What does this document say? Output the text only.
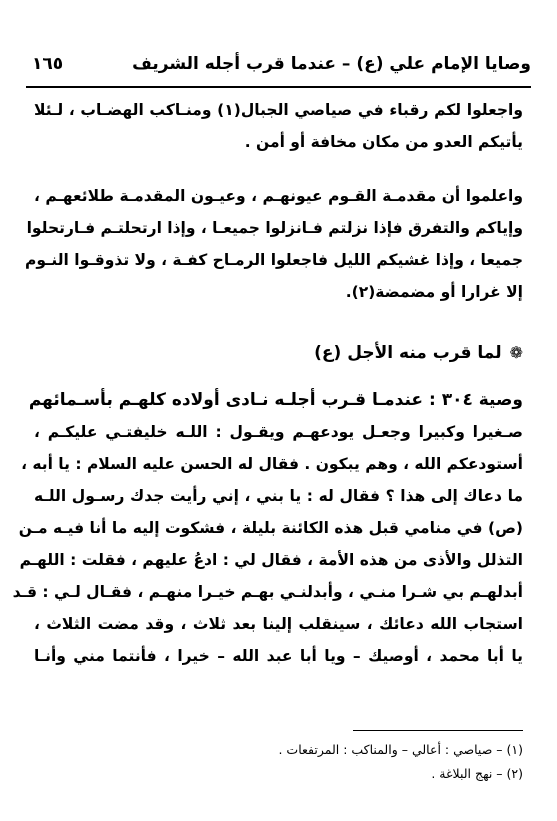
وصايا الإمام علي (ع) – عندما قرب أجله الشريف
١٦٥
واجعلوا لكم رقباء في صياصي الجبال(١) ومنـاكب الهضـاب ، لـئلا
يأتيكم العدو من مكان مخافة أو أمن .
واعلموا أن مقدمـة القـوم عيونهـم ، وعيـون المقدمـة طلائعهـم ،
وإياكم والتفرق فإذا نزلتم فـانزلوا جميعـا ، وإذا ارتحلتـم فـارتحلوا
جميعا ، وإذا غشيكم الليل فاجعلوا الرمـاح كفـة ، ولا تذوقـوا النـوم
إلا غرارا أو مضمضة(٢).
❁لما قرب منه الأجل (ع)
وصية ٣٠٤ : عندمـا قـرب أجلـه نـادى أولاده كلهـم بأسـمائهم
صـغيرا وكبيرا وجعـل يودعهـم ويقـول : اللـه خليفتـي عليكـم ،
أستودعكم الله ، وهم يبكون . فقال له الحسن عليه السلام : يا أبه ،
ما دعاك إلى هذا ؟ فقال له : يا بني ، إني رأيت جدك رسـول اللـه
(ص) في منامي قبل هذه الكائنة بليلة ، فشكوت إليه ما أنا فيـه مـن
التذلل والأذى من هذه الأمة ، فقال لي : ادعُ عليهم ، فقلت : اللهـم
أبدلهـم بي شـرا منـي ، وأبدلنـي بهـم خيـرا منهـم ، فقـال لـي : قـد
استجاب الله دعائك ، سينقلب إلينا بعد ثلاث ، وقد مضت الثلاث ،
يا أبا محمد ، أوصيك – ويا أبا عبد الله – خيرا ، فأنتما مني وأنـا
(١) – صياصي : أعالي – والمناكب : المرتفعات .
(٢) – نهج البلاغة .
